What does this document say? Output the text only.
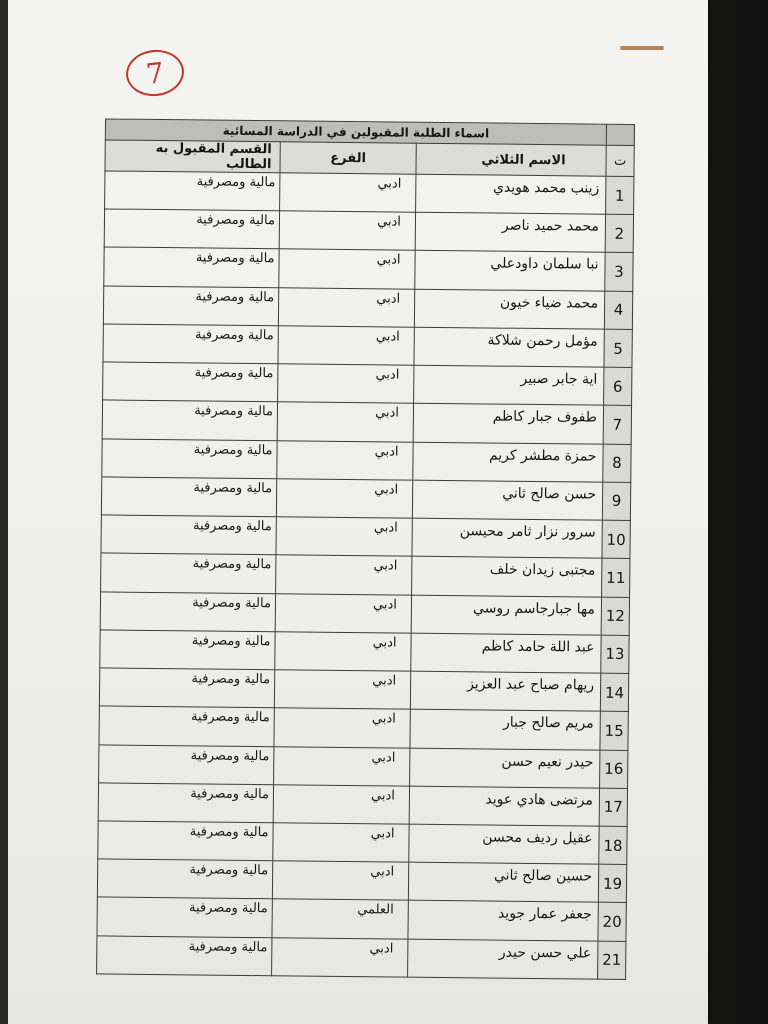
7
	اسماء الطلبة المقبولين في الدراسة المسائية		
ت	الاسم الثلاثي	الفرع	القسم المقبول به الطالب
1	زينب محمد هويدي	ادبي	مالية ومصرفية
2	محمد حميد ناصر	ادبي	مالية ومصرفية
3	نبا سلمان داودعلي	ادبي	مالية ومصرفية
4	محمد ضياء خيون	ادبي	مالية ومصرفية
5	مؤمل رحمن شلاكة	ادبي	مالية ومصرفية
6	اية جابر صبير	ادبي	مالية ومصرفية
7	طفوف جبار كاظم	ادبي	مالية ومصرفية
8	حمزة مطشر كريم	ادبي	مالية ومصرفية
9	حسن صالح ثاني	ادبي	مالية ومصرفية
10	سرور نزار ثامر محيسن	ادبي	مالية ومصرفية
11	مجتبى زيدان خلف	ادبي	مالية ومصرفية
12	مها جبارجاسم روسي	ادبي	مالية ومصرفية
13	عبد اللة حامد كاظم	ادبي	مالية ومصرفية
14	ريهام صباح عبد العزيز	ادبي	مالية ومصرفية
15	مريم صالح جبار	ادبي	مالية ومصرفية
16	حيدر نعيم حسن	ادبي	مالية ومصرفية
17	مرتضى هادي عويد	ادبي	مالية ومصرفية
18	عقيل رديف محسن	ادبي	مالية ومصرفية
19	حسين صالح ثاني	ادبي	مالية ومصرفية
20	جعفر عمار جويد	العلمي	مالية ومصرفية
21	علي حسن حيدر	ادبي	مالية ومصرفية
